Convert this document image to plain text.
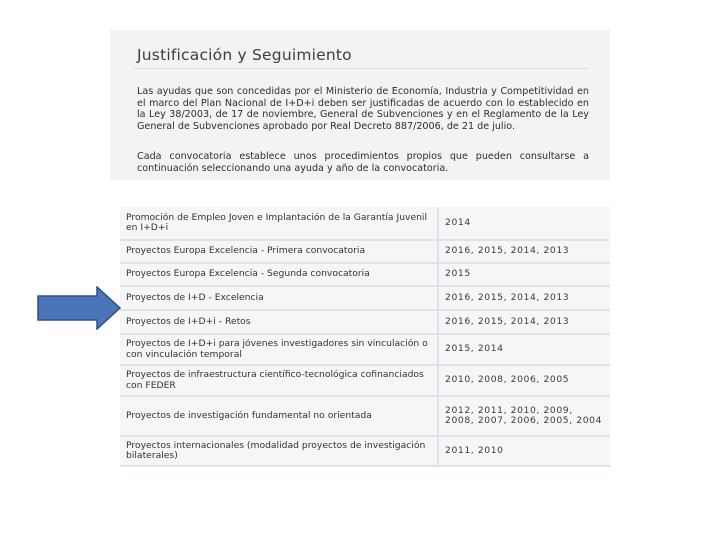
Justificación y Seguimiento

Las ayudas que son concedidas por el Ministerio de Economía, Industria y Competitividad en el marco del Plan Nacional de I+D+i deben ser justificadas de acuerdo con lo establecido en la Ley 38/2003, de 17 de noviembre, General de Subvenciones y en el Reglamento de la Ley General de Subvenciones aprobado por Real Decreto 887/2006, de 21 de julio.

Cada convocatoria establece unos procedimientos propios que pueden consultarse a continuación seleccionando una ayuda y año de la convocatoria.

Promoción de Empleo Joven e Implantación de la Garantía Juvenil en I+D+i	2014
Proyectos Europa Excelencia - Primera convocatoria	2016, 2015, 2014, 2013
Proyectos Europa Excelencia - Segunda convocatoria	2015
Proyectos de I+D - Excelencia	2016, 2015, 2014, 2013
Proyectos de I+D+i - Retos	2016, 2015, 2014, 2013
Proyectos de I+D+i para jóvenes investigadores sin vinculación o con vinculación temporal	2015, 2014
Proyectos de infraestructura científico-tecnológica cofinanciados con FEDER	2010, 2008, 2006, 2005
Proyectos de investigación fundamental no orientada	2012, 2011, 2010, 2009, 2008, 2007, 2006, 2005, 2004
Proyectos internacionales (modalidad proyectos de investigación bilaterales)	2011, 2010
